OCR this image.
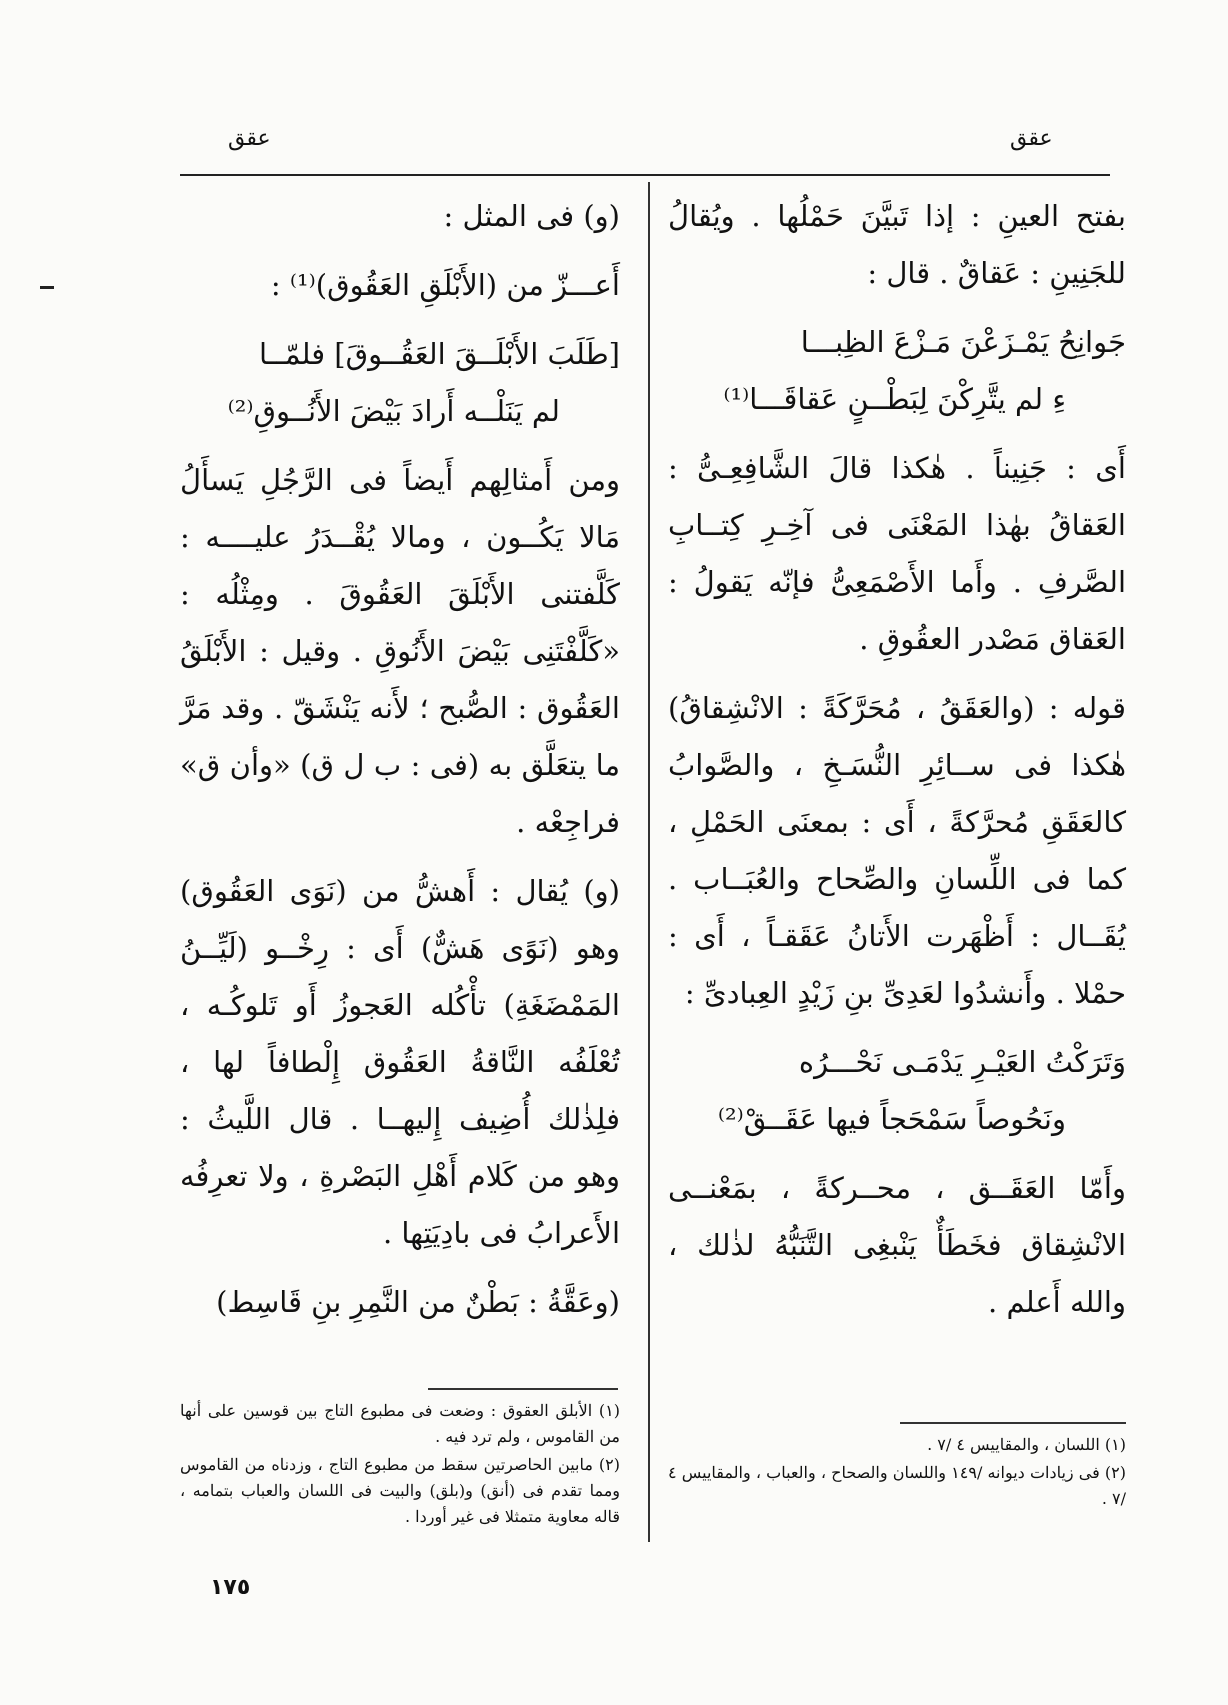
عقق
عقق

بفتح العينِ : إذا تَبيَّنَ حَمْلُها . ويُقالُ للجَنِينِ : عَقاقٌ . قال :

جَوانِحُ يَمْـزَعْنَ مَـزْعَ الظِبـــا
ءِ لم يتَّرِكْنَ لِبَطْــنٍ عَقاقَـــا⁽¹⁾

أَى : جَنِيناً . هٰكذا قالَ الشَّافِعِـىُّ : العَقاقُ بهٰذا المَعْنَى فى آخِـرِ كِتــابِ الصَّرفِ . وأَما الأَصْمَعِىُّ فإنّه يَقولُ : العَقاق مَصْدر العقُوقِ .

قوله : (والعَقَقُ ، مُحَرَّكَةً : الانْشِقاقُ) هٰكذا فى ســائِرِ النُّسَـخِ ، والصَّوابُ كالعَقَقِ مُحرَّكةً ، أَى : بمعنَى الحَمْلِ ، كما فى اللِّسانِ والصِّحاح والعُبَــاب . يُقَــال : أَظْهَرت الأَتانُ عَقَقـاً ، أَى : حمْلا . وأَنشدُوا لعَدِىِّ بنِ زَيْدٍ العِبادىِّ :

وَتَرَكْتُ العَيْـرِ يَدْمَـى نَحْـــرُه
ونَحُوصاً سَمْحَجاً فيها عَقَــقْ⁽²⁾

وأَمّا العَقَــق ، محــركةً ، بمَعْنــى الانْشِقاق فخَطَأٌ يَنْبغِى التَّنَبُّهُ لذٰلك ، والله أَعلم .

(و) فى المثل :

أَعـــزّ من (الأَبْلَقِ العَقُوق)⁽¹⁾ :

[طَلَبَ الأَبْلَــقَ العَقُــوقَ] فلمّــا
لم يَنَلْــه أَرادَ بَيْضَ الأَنُــوقِ⁽²⁾

ومن أَمثالِهم أَيضاً فى الرَّجُلِ يَسأَلُ مَالا يَكُــون ، ومالا يُقْــدَرُ عليــــه : كَلَّفتنى الأَبْلَقَ العَقُوقَ . ومِثْلُه : «كَلَّفْتَنِى بَيْضَ الأَنُوقِ . وقيل : الأَبْلَقُ العَقُوق : الصُّبح ؛ لأَنه يَنْشَقّ . وقد مَرَّ ما يتعَلَّق به (فى : ب ل ق) «وأن ق» فراجِعْه .

(و) يُقال : أَهشُّ من (نَوَى العَقُوق) وهو (نَوًى هَشٌّ) أَى : رِخْــو (لَيِّــنُ المَمْضَغَةِ) تأْكُله العَجوزُ أَو تَلوكُـه ، تُعْلَفُه النَّاقةُ العَقُوق إِلْطافاً لها ، فلِذٰلك أُضِيف إِليهــا . قال اللَّيثُ : وهو من كَلام أَهْلِ البَصْرةِ ، ولا تعرِفُه الأَعرابُ فى بادِيَتِها .

(وعَقَّةُ : بَطْنٌ من النَّمِرِ بنِ قَاسِط)

(١) اللسان ، والمقاييس ٤ /٧ .

(٢) فى زيادات ديوانه /١٤٩ واللسان والصحاح ، والعباب ، والمقاييس ٤ /٧ .

(١) الأبلق العقوق : وضعت فى مطبوع التاج بين قوسين على أنها من القاموس ، ولم ترد فيه .

(٢) مابين الحاصرتين سقط من مطبوع التاج ، وزدناه من القاموس ومما تقدم فى (أنق) و(بلق) والبيت فى اللسان والعباب بتمامه ، قاله معاوية متمثلا فى غير أوردا .

١٧٥
